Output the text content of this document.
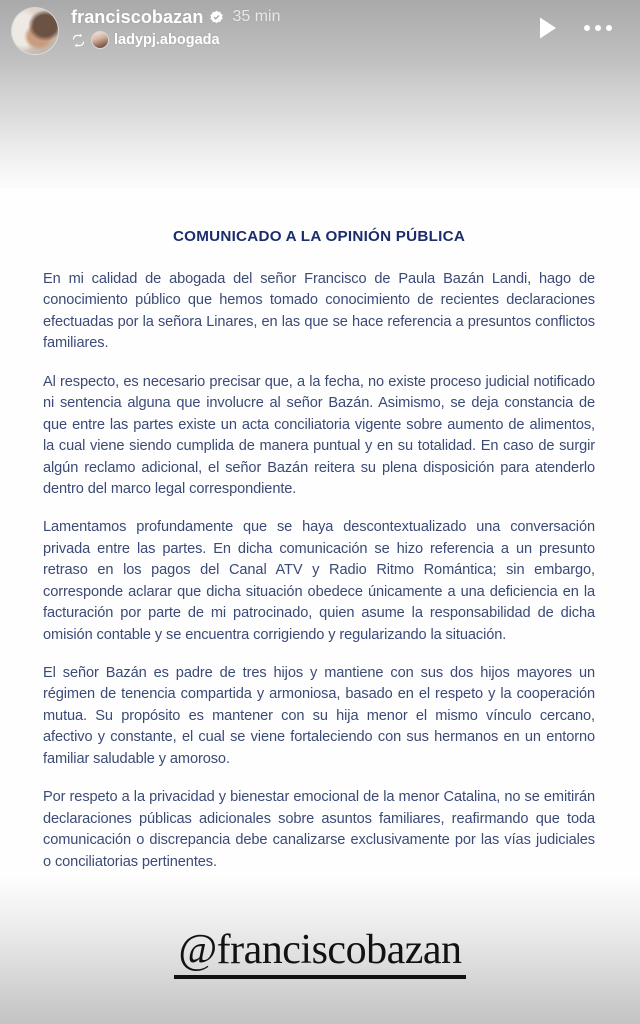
franciscobazan 35 min
ladypj.abogada
COMUNICADO A LA OPINIÓN PÚBLICA

En mi calidad de abogada del señor Francisco de Paula Bazán Landi, hago de conocimiento público que hemos tomado conocimiento de recientes declaraciones efectuadas por la señora Linares, en las que se hace referencia a presuntos conflictos familiares.

Al respecto, es necesario precisar que, a la fecha, no existe proceso judicial notificado ni sentencia alguna que involucre al señor Bazán. Asimismo, se deja constancia de que entre las partes existe un acta conciliatoria vigente sobre aumento de alimentos, la cual viene siendo cumplida de manera puntual y en su totalidad. En caso de surgir algún reclamo adicional, el señor Bazán reitera su plena disposición para atenderlo dentro del marco legal correspondiente.

Lamentamos profundamente que se haya descontextualizado una conversación privada entre las partes. En dicha comunicación se hizo referencia a un presunto retraso en los pagos del Canal ATV y Radio Ritmo Romántica; sin embargo, corresponde aclarar que dicha situación obedece únicamente a una deficiencia en la facturación por parte de mi patrocinado, quien asume la responsabilidad de dicha omisión contable y se encuentra corrigiendo y regularizando la situación.

El señor Bazán es padre de tres hijos y mantiene con sus dos hijos mayores un régimen de tenencia compartida y armoniosa, basado en el respeto y la cooperación mutua. Su propósito es mantener con su hija menor el mismo vínculo cercano, afectivo y constante, el cual se viene fortaleciendo con sus hermanos en un entorno familiar saludable y amoroso.

Por respeto a la privacidad y bienestar emocional de la menor Catalina, no se emitirán declaraciones públicas adicionales sobre asuntos familiares, reafirmando que toda comunicación o discrepancia debe canalizarse exclusivamente por las vías judiciales o conciliatorias pertinentes.

@franciscobazan
